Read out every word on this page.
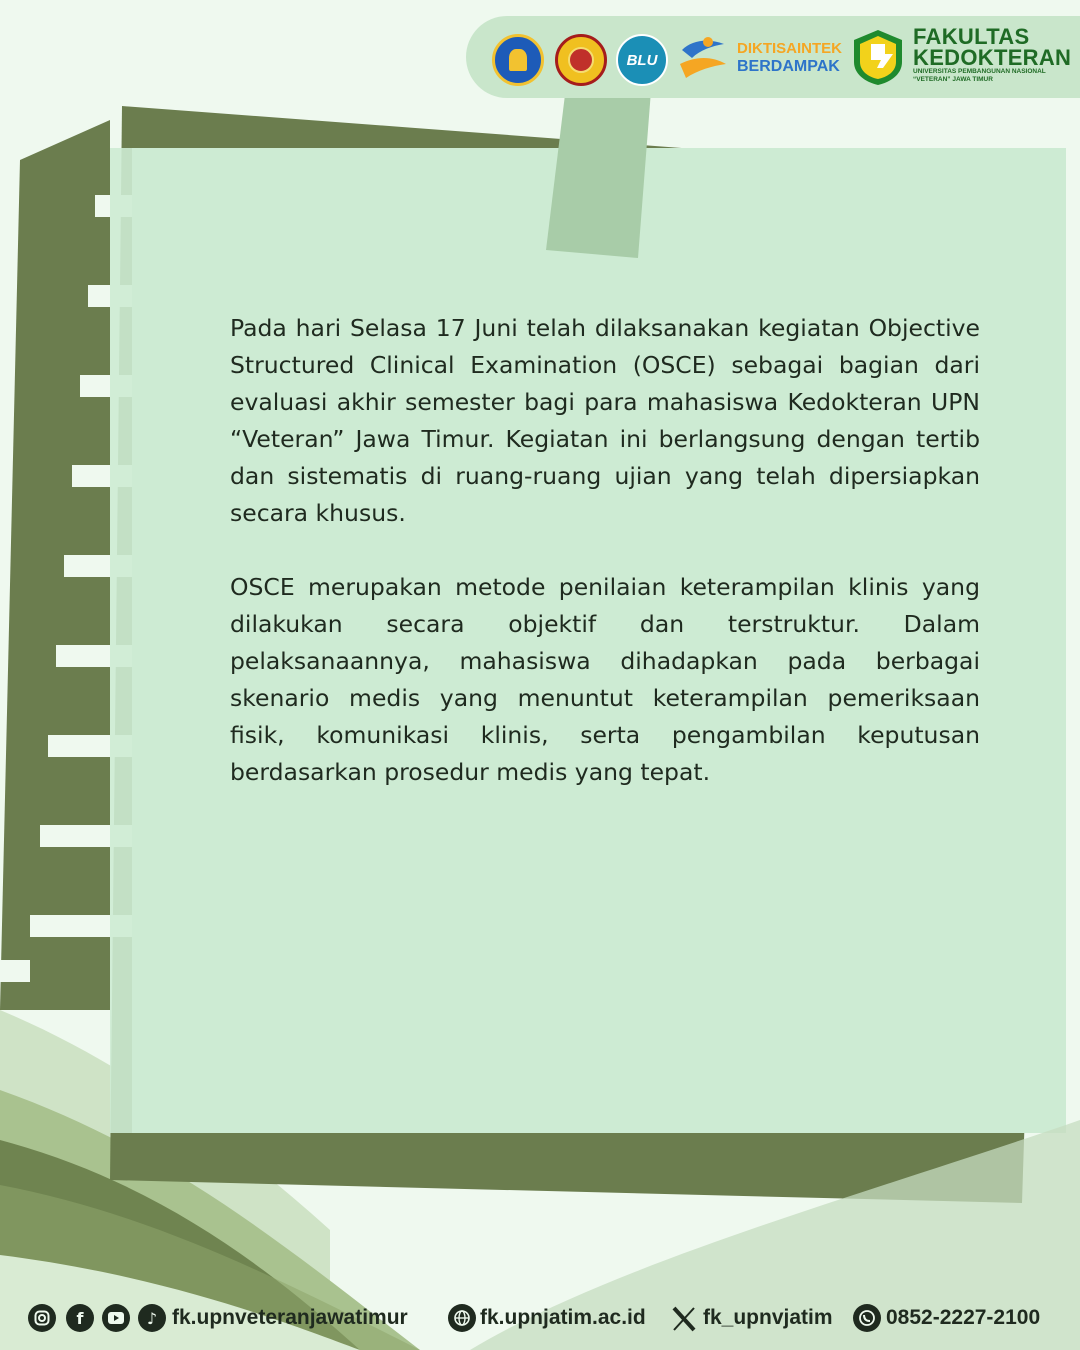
BLU
DIKTISAINTEK
BERDAMPAK
FAKULTAS
KEDOKTERAN
UNIVERSITAS PEMBANGUNAN NASIONAL
“VETERAN” JAWA TIMUR

Pada hari Selasa 17 Juni telah dilaksanakan kegiatan Objective Structured Clinical Examination (OSCE) sebagai bagian dari evaluasi akhir semester bagi para mahasiswa Kedokteran UPN “Veteran” Jawa Timur. Kegiatan ini berlangsung dengan tertib dan sistematis di ruang-ruang ujian yang telah dipersiapkan secara khusus.

OSCE merupakan metode penilaian keterampilan klinis yang dilakukan secara objektif dan terstruktur. Dalam pelaksanaannya, mahasiswa dihadapkan pada berbagai skenario medis yang menuntut keterampilan pemeriksaan fisik, komunikasi klinis, serta pengambilan keputusan berdasarkan prosedur medis yang tepat.

f	♪ fk.upnveteranjawatimur	fk.upnjatim.ac.id	fk_upnvjatim	0852-2227-2100
